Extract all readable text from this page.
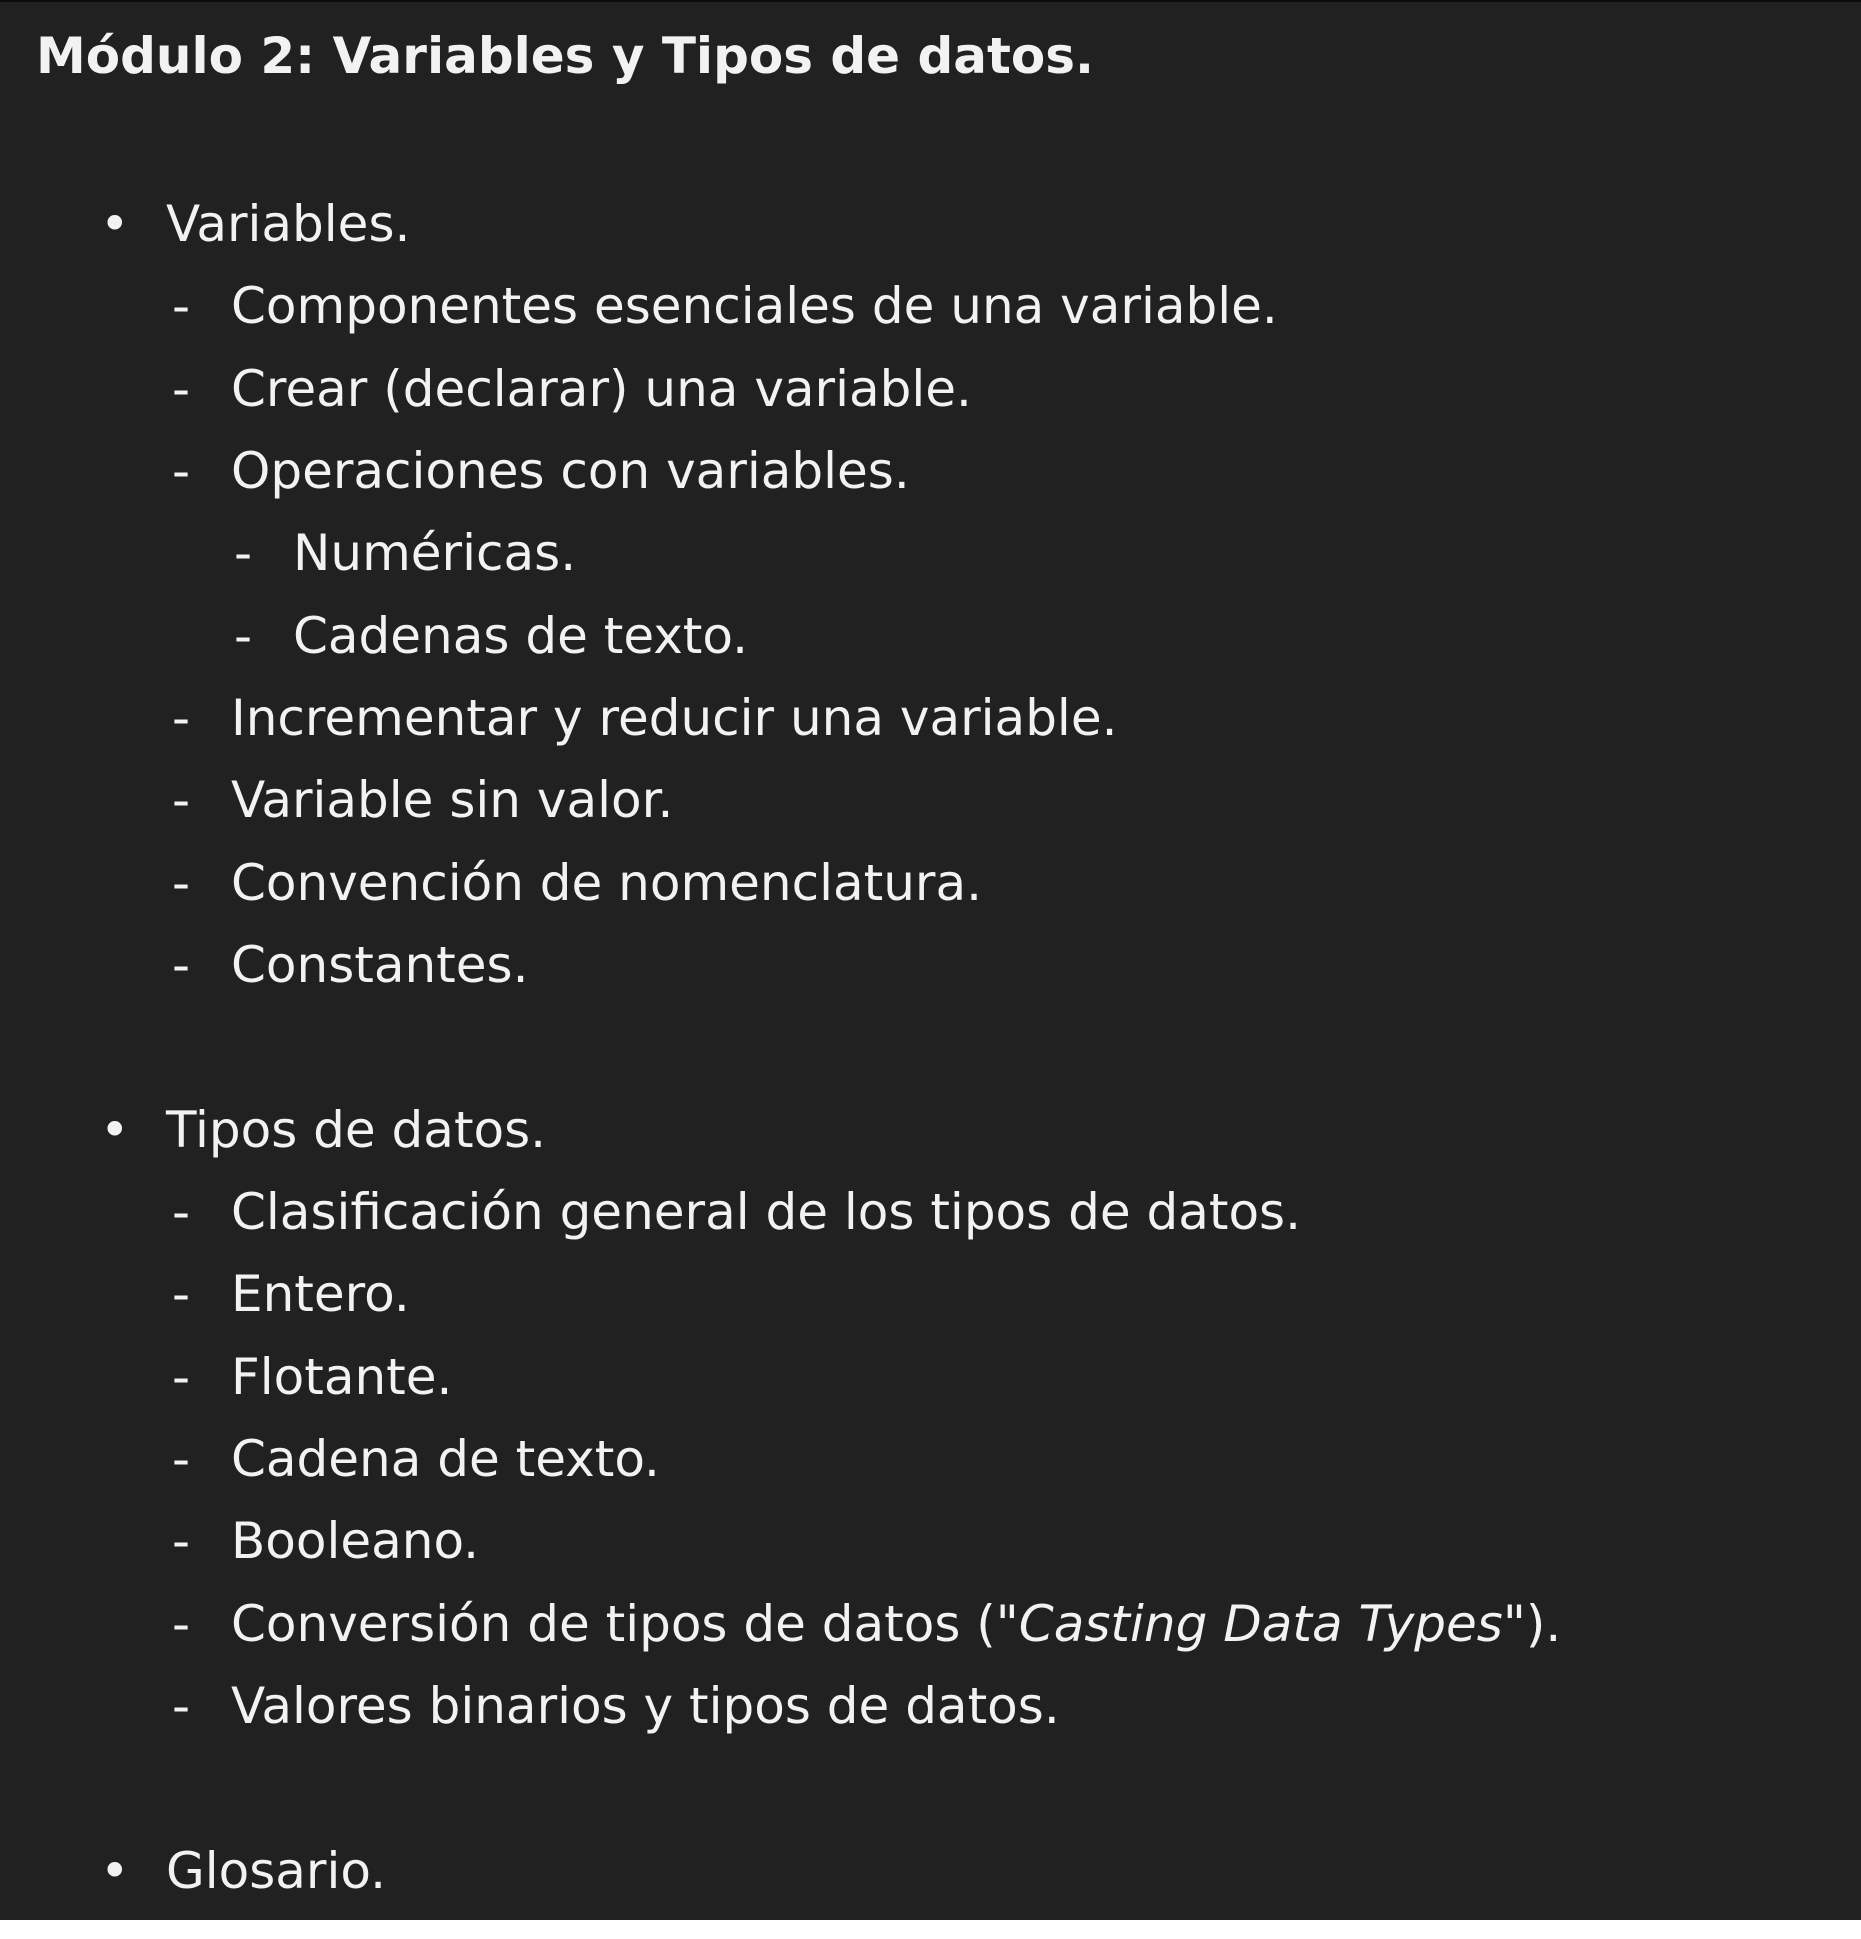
Módulo 2: Variables y Tipos de datos.
• Variables.
- Componentes esenciales de una variable.
- Crear (declarar) una variable.
- Operaciones con variables.
- Numéricas.
- Cadenas de texto.
- Incrementar y reducir una variable.
- Variable sin valor.
- Convención de nomenclatura.
- Constantes.
• Tipos de datos.
- Clasificación general de los tipos de datos.
- Entero.
- Flotante.
- Cadena de texto.
- Booleano.
- Conversión de tipos de datos ("Casting Data Types").
- Valores binarios y tipos de datos.
• Glosario.
